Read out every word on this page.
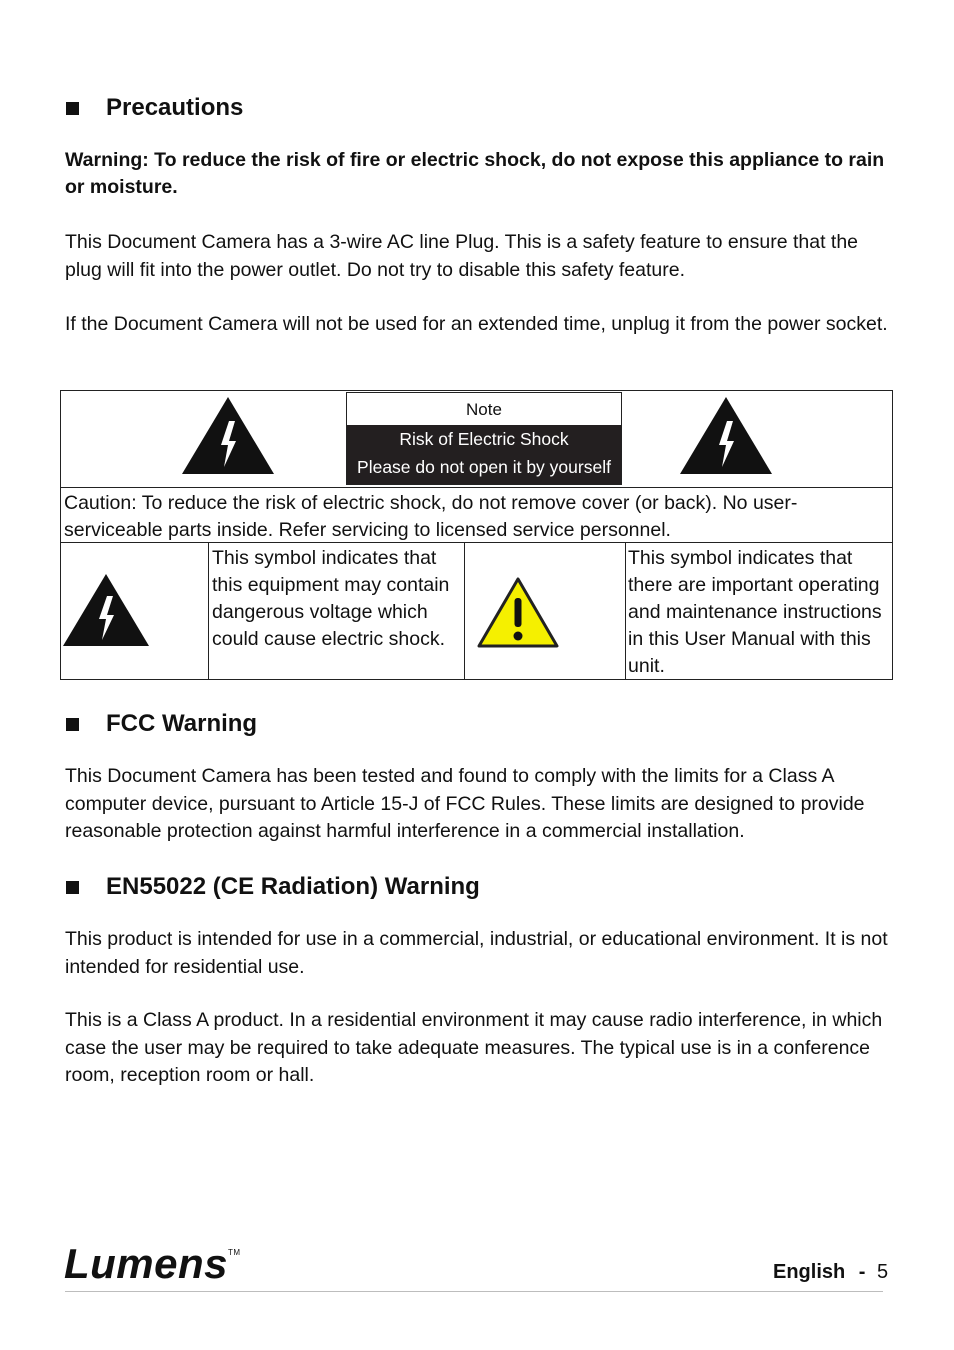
Precautions
Warning: To reduce the risk of fire or electric shock, do not expose this appliance to rain or moisture.
This Document Camera has a 3-wire AC line Plug. This is a safety feature to ensure that the plug will fit into the power outlet. Do not try to disable this safety feature.
If the Document Camera will not be used for an extended time, unplug it from the power socket.
Note
Risk of Electric Shock
Please do not open it by yourself
Caution: To reduce the risk of electric shock, do not remove cover (or back). No user-serviceable parts inside. Refer servicing to licensed service personnel.
This symbol indicates that this equipment may contain dangerous voltage which could cause electric shock.
This symbol indicates that there are important operating and maintenance instructions in this User Manual with this unit.
FCC Warning
This Document Camera has been tested and found to comply with the limits for a Class A computer device, pursuant to Article 15-J of FCC Rules. These limits are designed to provide reasonable protection against harmful interference in a commercial installation.
EN55022 (CE Radiation) Warning
This product is intended for use in a commercial, industrial, or educational environment. It is not intended for residential use.
This is a Class A product. In a residential environment it may cause radio interference, in which case the user may be required to take adequate measures. The typical use is in a conference room, reception room or hall.
Lumens™
English - 5
